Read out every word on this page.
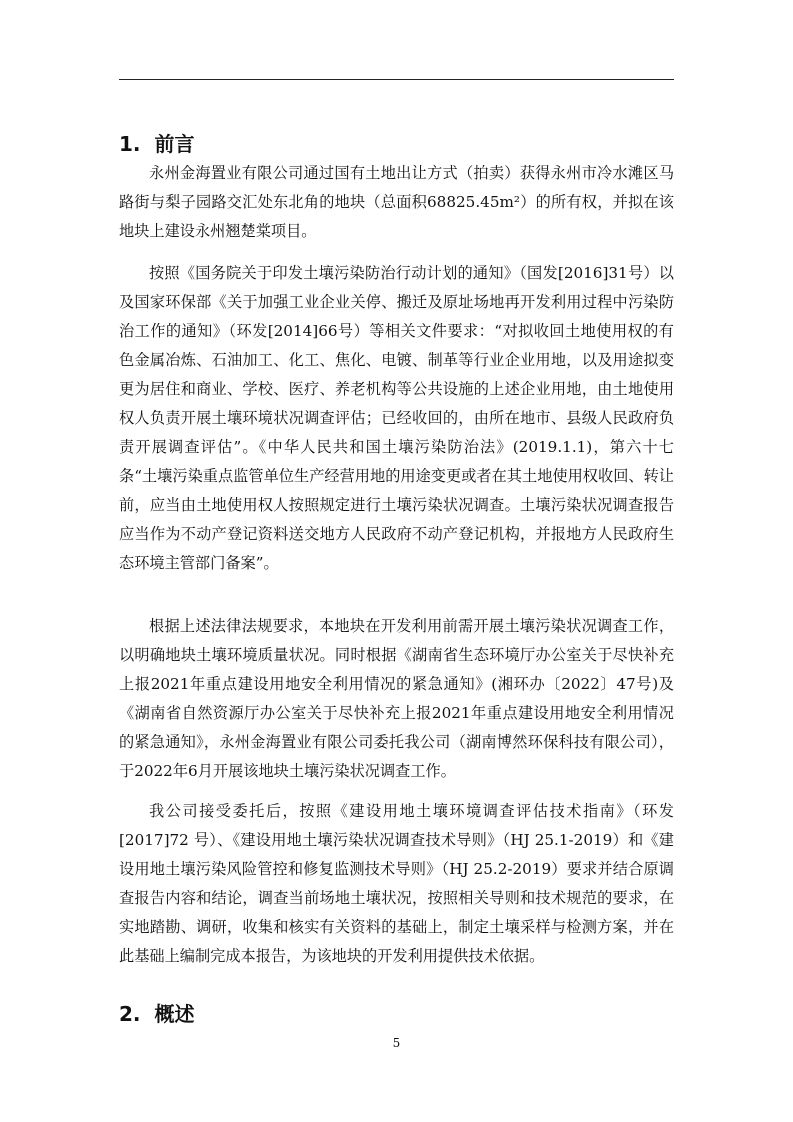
1. 前言

永州金海置业有限公司通过国有土地出让方式（拍卖）获得永州市冷水滩区马路街与梨子园路交汇处东北角的地块（总面积68825.45m²）的所有权，并拟在该地块上建设永州翘楚棠项目。

按照《国务院关于印发土壤污染防治行动计划的通知》（国发[2016]31号）以及国家环保部《关于加强工业企业关停、搬迁及原址场地再开发利用过程中污染防治工作的通知》（环发[2014]66号）等相关文件要求：“对拟收回土地使用权的有色金属冶炼、石油加工、化工、焦化、电镀、制革等行业企业用地，以及用途拟变更为居住和商业、学校、医疗、养老机构等公共设施的上述企业用地，由土地使用权人负责开展土壤环境状况调查评估；已经收回的，由所在地市、县级人民政府负责开展调查评估”。《中华人民共和国土壤污染防治法》(2019.1.1)，第六十七条“土壤污染重点监管单位生产经营用地的用途变更或者在其土地使用权收回、转让前，应当由土地使用权人按照规定进行土壤污染状况调查。土壤污染状况调查报告应当作为不动产登记资料送交地方人民政府不动产登记机构，并报地方人民政府生态环境主管部门备案”。

根据上述法律法规要求，本地块在开发利用前需开展土壤污染状况调查工作，以明确地块土壤环境质量状况。同时根据《湖南省生态环境厅办公室关于尽快补充上报2021年重点建设用地安全利用情况的紧急通知》(湘环办〔2022〕47号)及《湖南省自然资源厅办公室关于尽快补充上报2021年重点建设用地安全利用情况的紧急通知》，永州金海置业有限公司委托我公司（湖南博然环保科技有限公司），于2022年6月开展该地块土壤污染状况调查工作。

我公司接受委托后，按照《建设用地土壤环境调查评估技术指南》（环发[2017]72 号）、《建设用地土壤污染状况调查技术导则》（HJ 25.1-2019）和《建设用地土壤污染风险管控和修复监测技术导则》（HJ 25.2-2019）要求并结合原调查报告内容和结论，调查当前场地土壤状况，按照相关导则和技术规范的要求，在实地踏勘、调研，收集和核实有关资料的基础上，制定土壤采样与检测方案，并在此基础上编制完成本报告，为该地块的开发利用提供技术依据。

2. 概述
5
